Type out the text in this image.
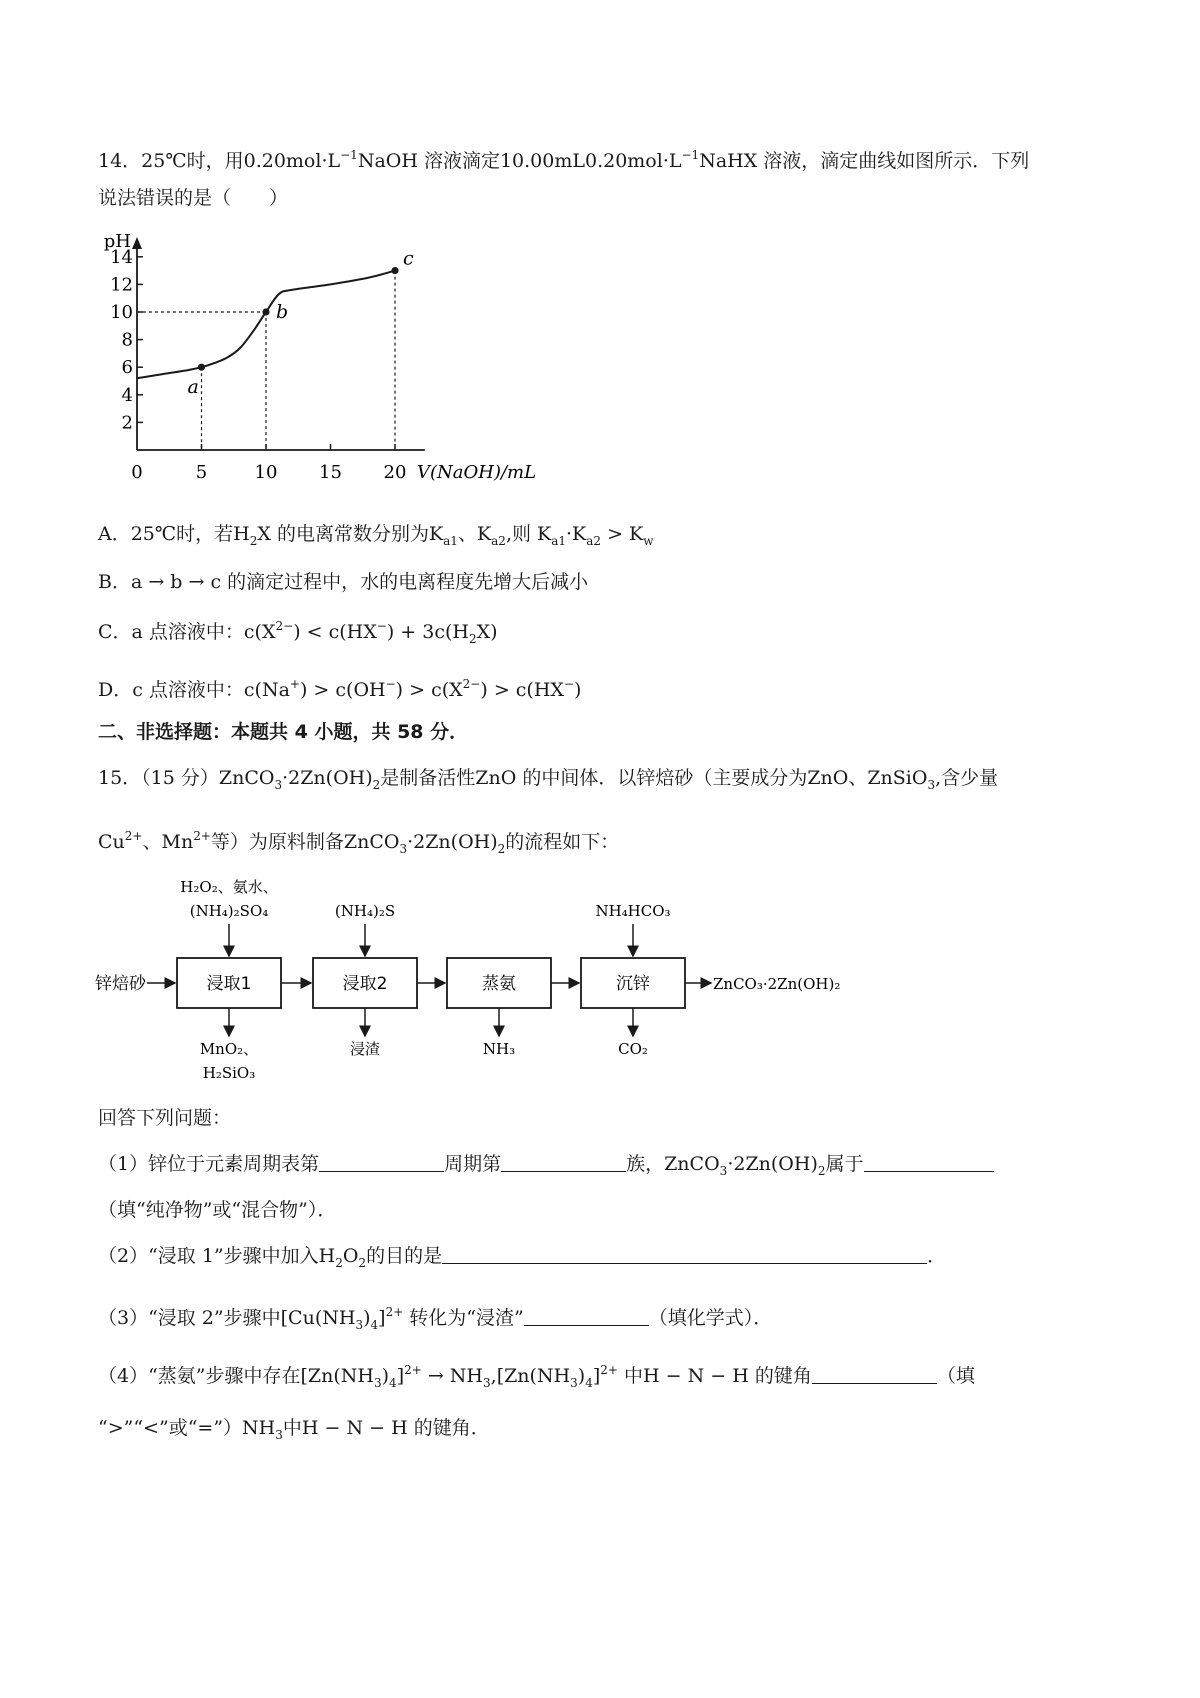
14．25℃时，用$0.20mol\cdot L^{-1}NaOH$ 溶液滴定$10.00mL0.20mol\cdot L^{-1}NaHX$ 溶液，滴定曲线如图所示．下列
说法错误的是（　　）
pH
2
4
6
8
10
12
14
0	5	10 15 20 V(NaOH)/mL
a
b
c
A．25℃时，若$H_2X$ 的电离常数分别为$K_{a1}$、$K_{a2}$,则 $K_{a1}\cdot K_{a2} > K_w$
B．a → b → c 的滴定过程中，水的电离程度先增大后减小
C．a 点溶液中：$c(X^{2-}) < c(HX^-) + 3c(H_2X)$
D．c 点溶液中：$c(Na^+) > c(OH^-) > c(X^{2-}) > c(HX^-)$
二、非选择题：本题共 4 小题，共 58 分．
15．（15 分）$ZnCO_3\cdot 2Zn(OH)_2$是制备活性ZnO 的中间体．以锌焙砂（主要成分为ZnO、ZnSiO$_3$,含少量
$Cu^{2+}$、$Mn^{2+}$等）为原料制备$ZnCO_3\cdot 2Zn(OH)_2$的流程如下：
锌焙砂	浸取1	浸取2	蒸氨	沉锌	ZnCO₃·2Zn(OH)₂
H₂O₂、氨水、
(NH₄)₂SO₄	(NH₄)₂S	NH₄HCO₃
MnO₂、
H₂SiO₃
浸渣	NH₃	CO₂
回答下列问题：
（1）锌位于元素周期表第	周期第	族，$ZnCO_3\cdot 2Zn(OH)_2$属于
（填“纯净物”或“混合物”）．
（2）“浸取 1”步骤中加入$H_2O_2$的目的是	．
（3）“浸取 2”步骤中$[Cu(NH_3)_4]^{2+}$ 转化为“浸渣”	（填化学式）．
（4）“蒸氨”步骤中存在$[Zn(NH_3)_4]^{2+} \to NH_3,[Zn(NH_3)_4]^{2+}$ 中H − N − H 的键角	（填
“>”“<”或“$=”)NH_3$中H − N − H 的键角．
